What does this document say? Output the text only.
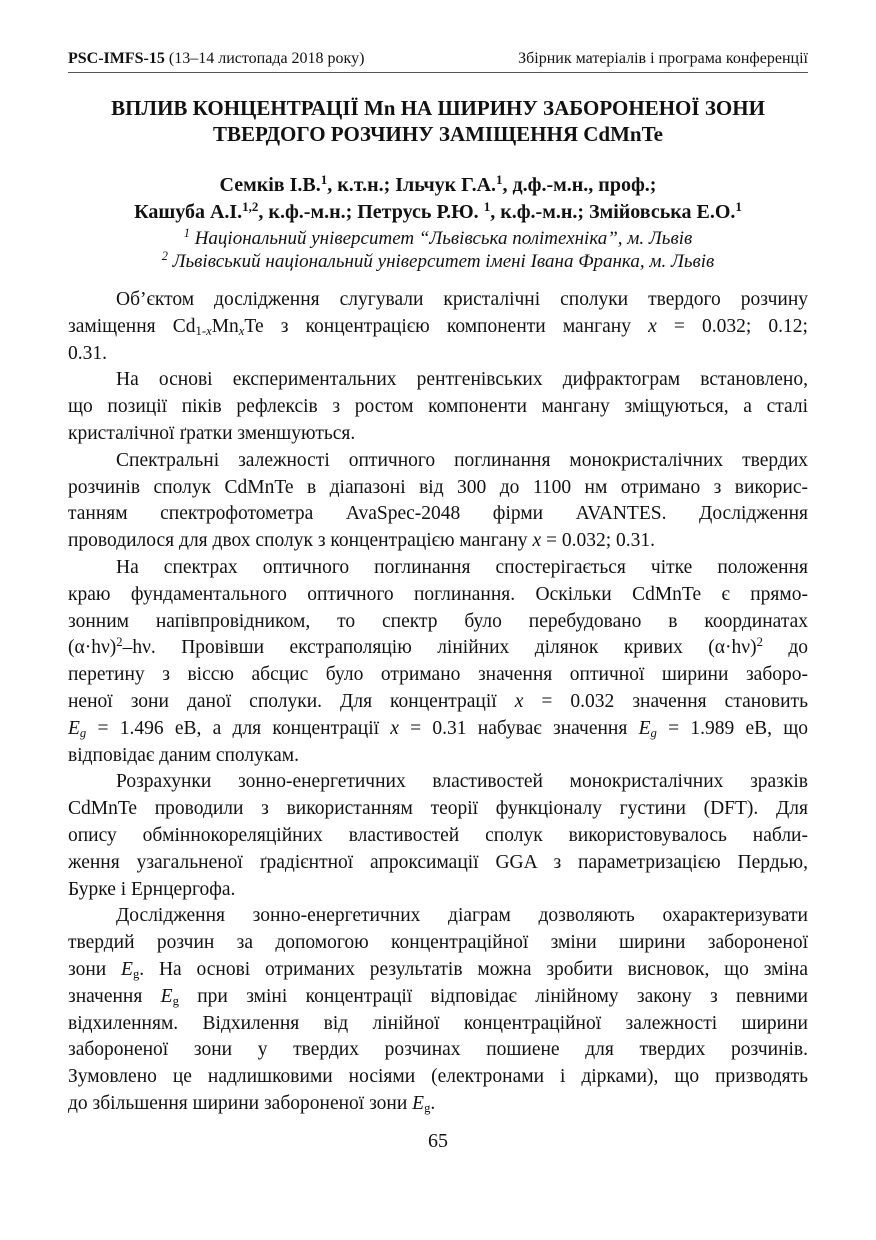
PSC-IMFS-15 (13–14 листопада 2018 року)	Збірник матеріалів і програма конференції
ВПЛИВ КОНЦЕНТРАЦІЇ Mn НА ШИРИНУ ЗАБОРОНЕНОЇ ЗОНИ
ТВЕРДОГО РОЗЧИНУ ЗАМІЩЕННЯ CdMnTe
Семків І.В.$^1$, к.т.н.; Ільчук Г.А.$^1$, д.ф.-м.н., проф.;
Кашуба А.І.$^{1,2}$, к.ф.-м.н.; Петрусь Р.Ю. $^1$, к.ф.-м.н.; Змійовська Е.О.$^1$
$^1$ Національний університет “Львівська політехніка”, м. Львів
$^2$ Львівський національний університет імені Івана Франка, м. Львів
Об’єктом дослідження слугували кристалічні сполуки твердого розчину
заміщення $Cd_{1-x}Mn_xTe$ з концентрацією компоненти мангану x = 0.032; 0.12;
0.31.
На основі експериментальних рентгенівських дифрактограм встановлено,
що позиції піків рефлексів з ростом компоненти мангану зміщуються, а сталі
кристалічної ґратки зменшуються.
Спектральні залежності оптичного поглинання монокристалічних твердих
розчинів сполук CdMnTe в діапазоні від 300 до 1100 нм отримано з викорис-
танням спектрофотометра AvaSpec-2048 фірми AVANTES. Дослідження
проводилося для двох сполук з концентрацією мангану x = 0.032; 0.31.
На спектрах оптичного поглинання спостерігається чітке положення
краю фундаментального оптичного поглинання. Оскільки CdMnTe є прямо-
зонним напівпровідником, то спектр було перебудовано в координатах
$(\alpha\cdot h\nu)^2-h\nu$. Провівши екстраполяцію лінійних ділянок кривих $(\alpha\cdot h\nu)^2$ до
перетину з віссю абсцис було отримано значення оптичної ширини заборо-
неної зони даної сполуки. Для концентрації x = 0.032 значення становить
$E_g = 1.496$ еВ, а для концентрації x = 0.31 набуває значення $E_g = 1.989$ еВ, що
відповідає даним сполукам.
Розрахунки зонно-енергетичних властивостей монокристалічних зразків
CdMnTe проводили з використанням теорії функціоналу густини (DFT). Для
опису обміннокореляційних властивостей сполук використовувалось набли-
ження узагальненої ґрадієнтної апроксимації GGA з параметризацією Пердью,
Бурке і Ернцергофа.
Дослідження зонно-енергетичних діаграм дозволяють охарактеризувати
твердий розчин за допомогою концентраційної зміни ширини забороненої
зони $E_g$. На основі отриманих результатів можна зробити висновок, що зміна
значення $E_g$ при зміні концентрації відповідає лінійному закону з певними
відхиленням. Відхилення від лінійної концентраційної залежності ширини
забороненої зони у твердих розчинах пошиене для твердих розчинів.
Зумовлено це надлишковими носіями (електронами і дірками), що призводять
до збільшення ширини забороненої зони $E_g$.
65
